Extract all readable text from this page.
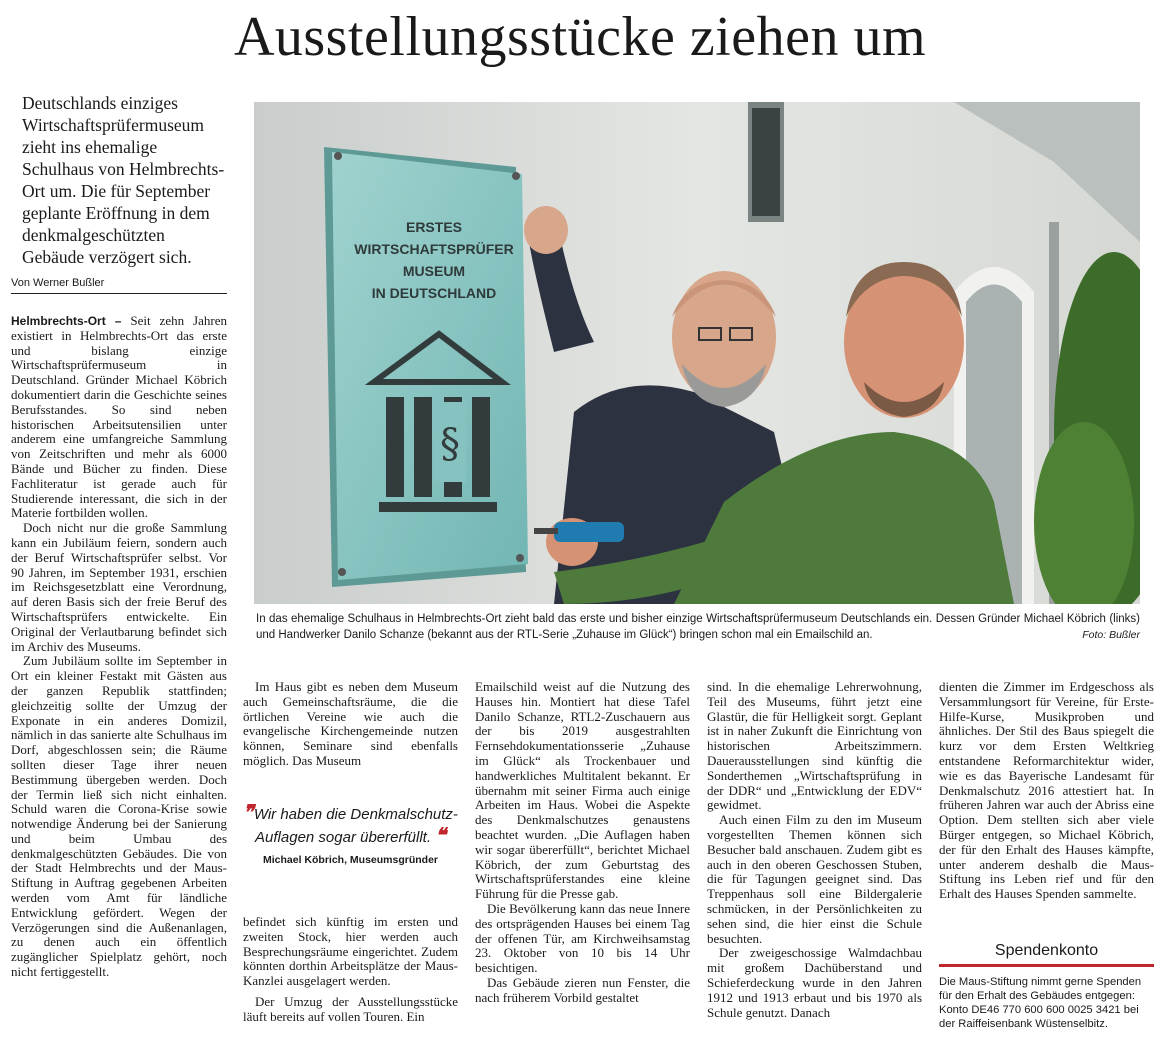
Ausstellungsstücke ziehen um
Deutschlands einziges Wirtschaftsprüfermuseum zieht ins ehemalige Schulhaus von Helmbrechts-Ort um. Die für September geplante Eröffnung in dem denkmalgeschützten Gebäude verzögert sich.
Von Werner Bußler

Helmbrechts-Ort – Seit zehn Jahren existiert in Helmbrechts-Ort das erste und bislang einzige Wirtschaftsprüfermuseum in Deutschland. Gründer Michael Köbrich dokumentiert darin die Geschichte seines Berufsstandes. So sind neben historischen Arbeitsutensilien unter anderem eine umfangreiche Sammlung von Zeitschriften und mehr als 6000 Bände und Bücher zu finden. Diese Fachliteratur ist gerade auch für Studierende interessant, die sich in der Materie fortbilden wollen.

Doch nicht nur die große Sammlung kann ein Jubiläum feiern, sondern auch der Beruf Wirtschaftsprüfer selbst. Vor 90 Jahren, im September 1931, erschien im Reichsgesetzblatt eine Verordnung, auf deren Basis sich der freie Beruf des Wirtschaftsprüfers entwickelte. Ein Original der Verlautbarung befindet sich im Archiv des Museums.

Zum Jubiläum sollte im September in Ort ein kleiner Festakt mit Gästen aus der ganzen Republik stattfinden; gleichzeitig sollte der Umzug der Exponate in ein anderes Domizil, nämlich in das sanierte alte Schulhaus im Dorf, abgeschlossen sein; die Räume sollten dieser Tage ihrer neuen Bestimmung übergeben werden. Doch der Termin ließ sich nicht einhalten. Schuld waren die Corona-Krise sowie notwendige Änderung bei der Sanierung und beim Umbau des denkmalgeschützten Gebäudes. Die von der Stadt Helmbrechts und der Maus-Stiftung in Auftrag gegebenen Arbeiten werden vom Amt für ländliche Entwicklung gefördert. Wegen der Verzögerungen sind die Außenanlagen, zu denen auch ein öffentlich zugänglicher Spielplatz gehört, noch nicht fertiggestellt.

ERSTES
WIRTSCHAFTSPRÜFER
MUSEUM
IN DEUTSCHLAND
§
In das ehemalige Schulhaus in Helmbrechts-Ort zieht bald das erste und bisher einzige Wirtschaftsprüfermuseum Deutschlands ein. Dessen Gründer Michael Köbrich (links) und Handwerker Danilo Schanze (bekannt aus der RTL-Serie „Zuhause im Glück“) bringen schon mal ein Emailschild an.	Foto: Bußler

Im Haus gibt es neben dem Museum auch Gemeinschaftsräume, die die örtlichen Vereine wie auch die evangelische Kirchengemeinde nutzen können, Seminare sind ebenfalls möglich. Das Museum

❞Wir haben die Denkmalschutz-Auflagen sogar übererfüllt. ❝
Michael Köbrich, Museumsgründer

befindet sich künftig im ersten und zweiten Stock, hier werden auch Besprechungsräume eingerichtet. Zudem könnten dorthin Arbeitsplätze der Maus-Kanzlei ausgelagert werden.

Der Umzug der Ausstellungsstücke läuft bereits auf vollen Touren. Ein

Emailschild weist auf die Nutzung des Hauses hin. Montiert hat diese Tafel Danilo Schanze, RTL2-Zuschauern aus der bis 2019 ausgestrahlten Fernsehdokumentationsserie „Zuhause im Glück“ als Trockenbauer und handwerkliches Multitalent bekannt. Er übernahm mit seiner Firma auch einige Arbeiten im Haus. Wobei die Aspekte des Denkmalschutzes genaustens beachtet wurden. „Die Auflagen haben wir sogar übererfüllt“, berichtet Michael Köbrich, der zum Geburtstag des Wirtschaftsprüferstandes eine kleine Führung für die Presse gab.

Die Bevölkerung kann das neue Innere des ortsprägenden Hauses bei einem Tag der offenen Tür, am Kirchweihsamstag 23. Oktober von 10 bis 14 Uhr besichtigen.

Das Gebäude zieren nun Fenster, die nach früherem Vorbild gestaltet

sind. In die ehemalige Lehrerwohnung, Teil des Museums, führt jetzt eine Glastür, die für Helligkeit sorgt. Geplant ist in naher Zukunft die Einrichtung von historischen Arbeitszimmern. Dauerausstellungen sind künftig die Sonderthemen „Wirtschaftsprüfung in der DDR“ und „Entwicklung der EDV“ gewidmet.

Auch einen Film zu den im Museum vorgestellten Themen können sich Besucher bald anschauen. Zudem gibt es auch in den oberen Geschossen Stuben, die für Tagungen geeignet sind. Das Treppenhaus soll eine Bildergalerie schmücken, in der Persönlichkeiten zu sehen sind, die hier einst die Schule besuchten.

Der zweigeschossige Walmdachbau mit großem Dachüberstand und Schieferdeckung wurde in den Jahren 1912 und 1913 erbaut und bis 1970 als Schule genutzt. Danach

dienten die Zimmer im Erdgeschoss als Versammlungsort für Vereine, für Erste-Hilfe-Kurse, Musikproben und ähnliches. Der Stil des Baus spiegelt die kurz vor dem Ersten Weltkrieg entstandene Reformarchitektur wider, wie es das Bayerische Landesamt für Denkmalschutz 2016 attestiert hat. In früheren Jahren war auch der Abriss eine Option. Dem stellten sich aber viele Bürger entgegen, so Michael Köbrich, der für den Erhalt des Hauses kämpfte, unter anderem deshalb die Maus-Stiftung ins Leben rief und für den Erhalt des Hauses Spenden sammelte.

Spendenkonto
Die Maus-Stiftung nimmt gerne Spenden für den Erhalt des Gebäudes entgegen: Konto DE46 770 600 600 0025 3421 bei der Raiffeisenbank Wüstenselbitz.
